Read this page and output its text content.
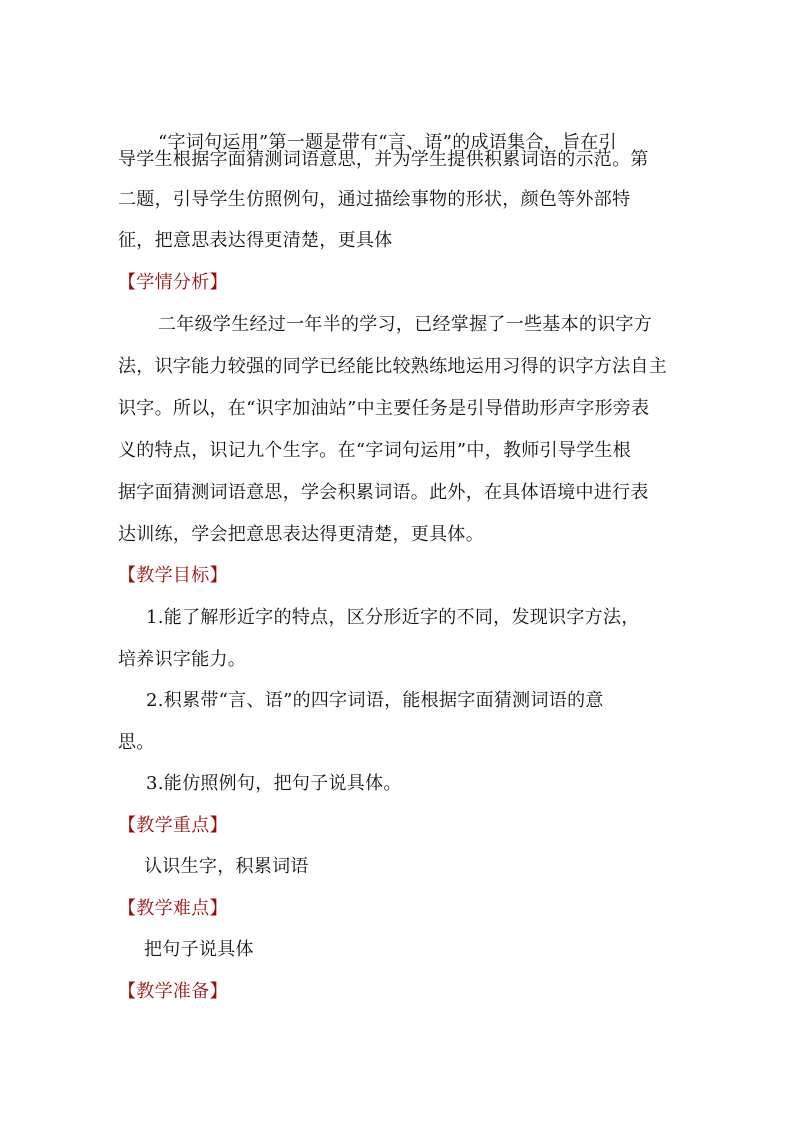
“字词句运用”第一题是带有“言、语”的成语集合，旨在引
导学生根据字面猜测词语意思，并为学生提供积累词语的示范。第
二题，引导学生仿照例句，通过描绘事物的形状，颜色等外部特
征，把意思表达得更清楚，更具体
【学情分析】
二年级学生经过一年半的学习，已经掌握了一些基本的识字方
法，识字能力较强的同学已经能比较熟练地运用习得的识字方法自主
识字。所以，在“识字加油站”中主要任务是引导借助形声字形旁表
义的特点，识记九个生字。在“字词句运用”中，教师引导学生根
据字面猜测词语意思，学会积累词语。此外，在具体语境中进行表
达训练，学会把意思表达得更清楚，更具体。
【教学目标】
1.能了解形近字的特点，区分形近字的不同，发现识字方法，
培养识字能力。
2.积累带“言、语”的四字词语，能根据字面猜测词语的意
思。
3.能仿照例句，把句子说具体。
【教学重点】
认识生字，积累词语
【教学难点】
把句子说具体
【教学准备】
